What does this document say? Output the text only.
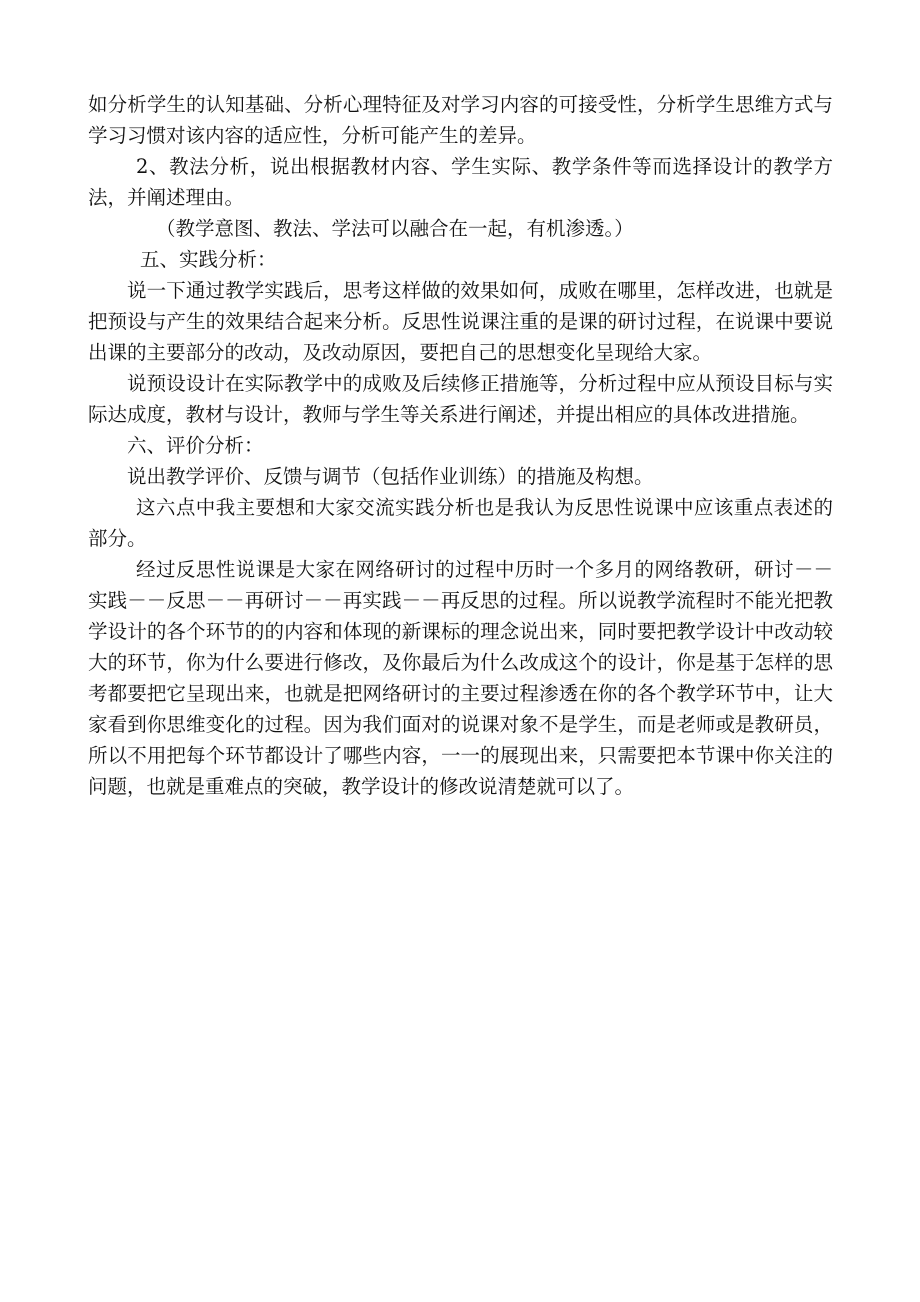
如分析学生的认知基础、分析心理特征及对学习内容的可接受性，分析学生思维方式与学习习惯对该内容的适应性，分析可能产生的差异。

2、教法分析，说出根据教材内容、学生实际、教学条件等而选择设计的教学方法，并阐述理由。

（教学意图、教法、学法可以融合在一起，有机渗透。）

五、实践分析：

说一下通过教学实践后，思考这样做的效果如何，成败在哪里，怎样改进，也就是把预设与产生的效果结合起来分析。反思性说课注重的是课的研讨过程，在说课中要说出课的主要部分的改动，及改动原因，要把自己的思想变化呈现给大家。

说预设设计在实际教学中的成败及后续修正措施等，分析过程中应从预设目标与实际达成度，教材与设计，教师与学生等关系进行阐述，并提出相应的具体改进措施。

六、评价分析：

说出教学评价、反馈与调节（包括作业训练）的措施及构想。

这六点中我主要想和大家交流实践分析也是我认为反思性说课中应该重点表述的部分。

经过反思性说课是大家在网络研讨的过程中历时一个多月的网络教研，研讨－－实践－－反思－－再研讨－－再实践－－再反思的过程。所以说教学流程时不能光把教学设计的各个环节的的内容和体现的新课标的理念说出来，同时要把教学设计中改动较大的环节，你为什么要进行修改，及你最后为什么改成这个的设计，你是基于怎样的思考都要把它呈现出来，也就是把网络研讨的主要过程渗透在你的各个教学环节中，让大家看到你思维变化的过程。因为我们面对的说课对象不是学生，而是老师或是教研员，所以不用把每个环节都设计了哪些内容，一一的展现出来，只需要把本节课中你关注的问题，也就是重难点的突破，教学设计的修改说清楚就可以了。
